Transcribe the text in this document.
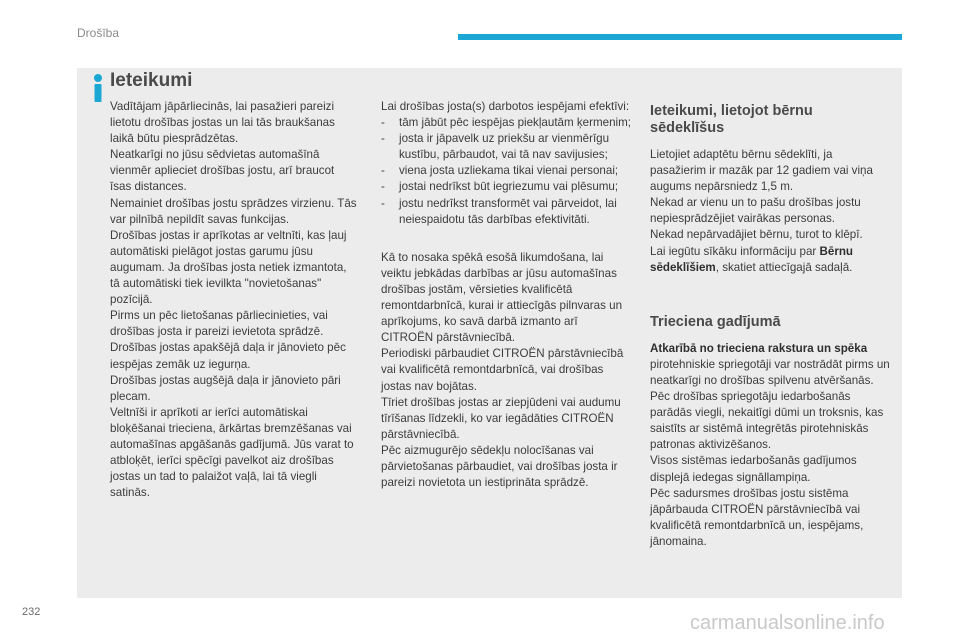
Drošība
Ieteikumi

Vadītājam jāpārliecinās, lai pasažieri pareizi lietotu drošības jostas un lai tās braukšanas laikā būtu piesprādzētas.

Neatkarīgi no jūsu sēdvietas automašīnā vienmēr aplieciet drošības jostu, arī braucot īsas distances.

Nemainiet drošības jostu sprādzes virzienu. Tās var pilnībā nepildīt savas funkcijas.

Drošības jostas ir aprīkotas ar veltnīti, kas ļauj automātiski pielāgot jostas garumu jūsu augumam. Ja drošības josta netiek izmantota, tā automātiski tiek ievilkta "novietošanas" pozīcijā.

Pirms un pēc lietošanas pārliecinieties, vai drošības josta ir pareizi ievietota sprādzē.

Drošības jostas apakšējā daļa ir jānovieto pēc iespējas zemāk uz iegurņa.

Drošības jostas augšējā daļa ir jānovieto pāri plecam.

Veltnīši ir aprīkoti ar ierīci automātiskai bloķēšanai trieciena, ārkārtas bremzēšanas vai automašīnas apgāšanās gadījumā. Jūs varat to atbloķēt, ierīci spēcīgi pavelkot aiz drošības jostas un tad to palaižot vaļā, lai tā viegli satinās.

Lai drošības josta(s) darbotos iespējami efektīvi:

- tām jābūt pēc iespējas piekļautām ķermenim;
- josta ir jāpavelk uz priekšu ar vienmērīgu kustību, pārbaudot, vai tā nav savijusies;
- viena josta uzliekama tikai vienai personai;
- jostai nedrīkst būt iegriezumu vai plēsumu;
- jostu nedrīkst transformēt vai pārveidot, lai neiespaidotu tās darbības efektivitāti.

Kā to nosaka spēkā esošā likumdošana, lai veiktu jebkādas darbības ar jūsu automašīnas drošības jostām, vērsieties kvalificētā remontdarbnīcā, kurai ir attiecīgās pilnvaras un aprīkojums, ko savā darbā izmanto arī CITROËN pārstāvniecībā.

Periodiski pārbaudiet CITROËN pārstāvniecībā vai kvalificētā remontdarbnīcā, vai drošības jostas nav bojātas.

Tīriet drošības jostas ar ziepjūdeni vai audumu tīrīšanas līdzekli, ko var iegādāties CITROËN pārstāvniecībā.

Pēc aizmugurējo sēdekļu nolocīšanas vai pārvietošanas pārbaudiet, vai drošības josta ir pareizi novietota un iestiprināta sprādzē.

Ieteikumi, lietojot bērnu sēdeklīšus

Lietojiet adaptētu bērnu sēdeklīti, ja pasažierim ir mazāk par 12 gadiem vai viņa augums nepārsniedz 1,5 m.

Nekad ar vienu un to pašu drošības jostu nepiesprādzējiet vairākas personas.

Nekad nepārvadājiet bērnu, turot to klēpī.

Lai iegūtu sīkāku informāciju par Bērnu sēdeklīšiem, skatiet attiecīgajā sadaļā.

Trieciena gadījumā

Atkarībā no trieciena rakstura un spēka pirotehniskie spriegotāji var nostrādāt pirms un neatkarīgi no drošības spilvenu atvēršanās. Pēc drošības spriegotāju iedarbošanās parādās viegli, nekaitīgi dūmi un troksnis, kas saistīts ar sistēmā integrētās pirotehniskās patronas aktivizēšanos.

Visos sistēmas iedarbošanās gadījumos displejā iedegas signāllampiņa.

Pēc sadursmes drošības jostu sistēma jāpārbauda CITROËN pārstāvniecībā vai kvalificētā remontdarbnīcā un, iespējams, jānomaina.

232	carmanualsonline.info
